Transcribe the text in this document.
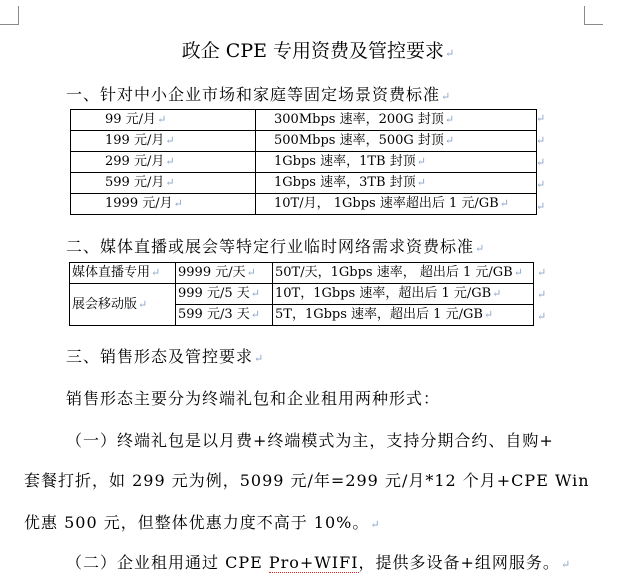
政企 CPE 专用资费及管控要求↵
一、针对中小企业市场和家庭等固定场景资费标准↵
99 元/月↵	300Mbps 速率，200G 封顶↵
199 元/月↵	500Mbps 速率，500G 封顶↵
299 元/月↵	1Gbps 速率，1TB 封顶↵
599 元/月↵	1Gbps 速率，3TB 封顶↵
1999 元/月↵	10T/月， 1Gbps 速率超出后 1 元/GB↵
二、媒体直播或展会等特定行业临时网络需求资费标准↵
媒体直播专用↵	9999 元/天↵	50T/天，1Gbps 速率， 超出后 1 元/GB↵
展会移动版↵	999 元/5 天↵	10T，1Gbps 速率，超出后 1 元/GB↵
	599 元/3 天↵	5T，1Gbps 速率，超出后 1 元/GB↵
三、销售形态及管控要求↵
销售形态主要分为终端礼包和企业租用两种形式：
（一）终端礼包是以月费+终端模式为主，支持分期合约、自购+
套餐打折，如 299 元为例，5099 元/年=299 元/月*12 个月+CPE Win
优惠 500 元，但整体优惠力度不高于 10%。↵
（二）企业租用通过 CPE Pro+WIFI，提供多设备+组网服务。↵
↵
↵
↵
↵
↵
↵
↵
↵
